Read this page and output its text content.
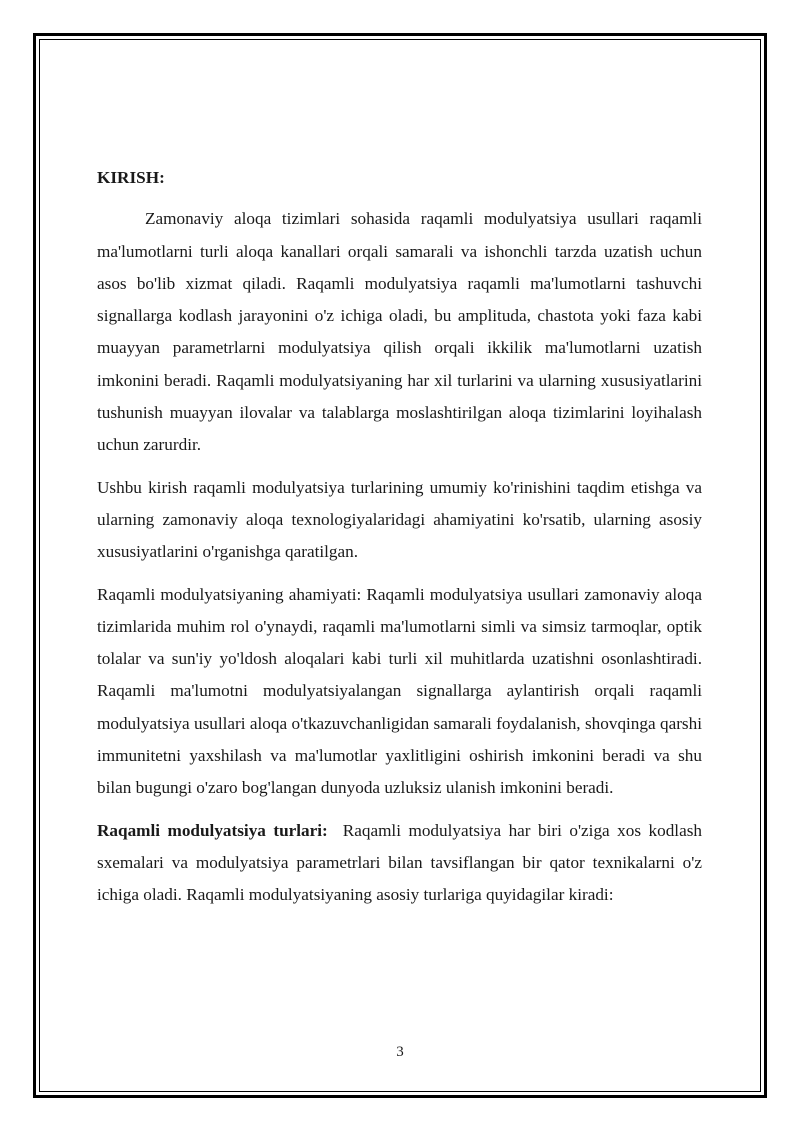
KIRISH:

Zamonaviy aloqa tizimlari sohasida raqamli modulyatsiya usullari raqamli ma'lumotlarni turli aloqa kanallari orqali samarali va ishonchli tarzda uzatish uchun asos bo'lib xizmat qiladi. Raqamli modulyatsiya raqamli ma'lumotlarni tashuvchi signallarga kodlash jarayonini o'z ichiga oladi, bu amplituda, chastota yoki faza kabi muayyan parametrlarni modulyatsiya qilish orqali ikkilik ma'lumotlarni uzatish imkonini beradi. Raqamli modulyatsiyaning har xil turlarini va ularning xususiyatlarini tushunish muayyan ilovalar va talablarga moslashtirilgan aloqa tizimlarini loyihalash uchun zarurdir.

Ushbu kirish raqamli modulyatsiya turlarining umumiy ko'rinishini taqdim etishga va ularning zamonaviy aloqa texnologiyalaridagi ahamiyatini ko'rsatib, ularning asosiy xususiyatlarini o'rganishga qaratilgan.

Raqamli modulyatsiyaning ahamiyati: Raqamli modulyatsiya usullari zamonaviy aloqa tizimlarida muhim rol o'ynaydi, raqamli ma'lumotlarni simli va simsiz tarmoqlar, optik tolalar va sun'iy yo'ldosh aloqalari kabi turli xil muhitlarda uzatishni osonlashtiradi. Raqamli ma'lumotni modulyatsiyalangan signallarga aylantirish orqali raqamli modulyatsiya usullari aloqa o'tkazuvchanligidan samarali foydalanish, shovqinga qarshi immunitetni yaxshilash va ma'lumotlar yaxlitligini oshirish imkonini beradi va shu bilan bugungi o'zaro bog'langan dunyoda uzluksiz ulanish imkonini beradi.

Raqamli modulyatsiya turlari:  Raqamli modulyatsiya har biri o'ziga xos kodlash sxemalari va modulyatsiya parametrlari bilan tavsiflangan bir qator texnikalarni o'z ichiga oladi. Raqamli modulyatsiyaning asosiy turlariga quyidagilar kiradi:

3
